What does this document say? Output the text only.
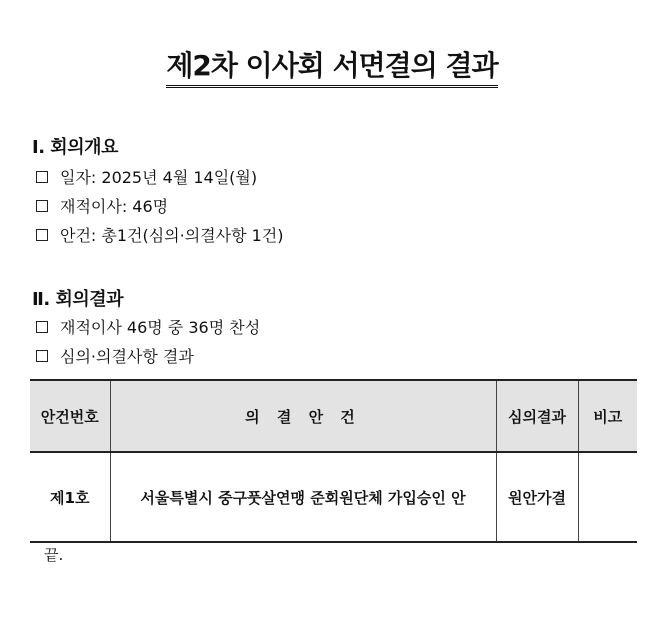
제2차 이사회 서면결의 결과
Ⅰ. 회의개요
일자: 2025년 4월 14일(월)
재적이사: 46명
안건: 총1건(심의·의결사항 1건)
Ⅱ. 회의결과
재적이사 46명 중 36명 찬성
심의·의결사항 결과
안건번호	의 결 안 건	심의결과	비고
제1호	서울특별시 중구풋살연맹 준회원단체 가입승인 안	원안가결	
끝.
